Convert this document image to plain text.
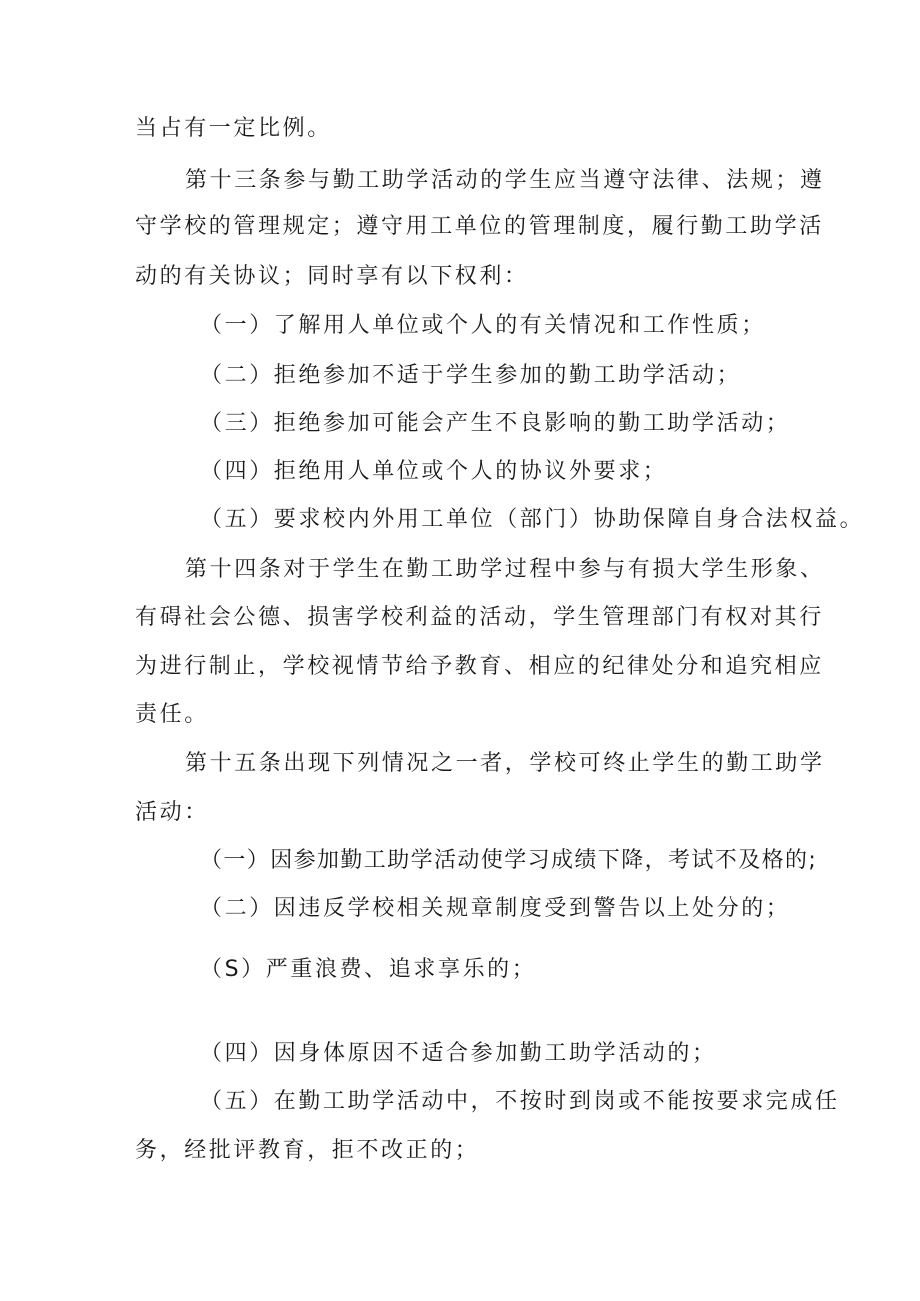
当占有一定比例。
第十三条参与勤工助学活动的学生应当遵守法律、法规；遵
守学校的管理规定；遵守用工单位的管理制度，履行勤工助学活
动的有关协议；同时享有以下权利：
（一）了解用人单位或个人的有关情况和工作性质；
（二）拒绝参加不适于学生参加的勤工助学活动；
（三）拒绝参加可能会产生不良影响的勤工助学活动；
（四）拒绝用人单位或个人的协议外要求；
（五）要求校内外用工单位（部门）协助保障自身合法权益。
第十四条对于学生在勤工助学过程中参与有损大学生形象、
有碍社会公德、损害学校利益的活动，学生管理部门有权对其行
为进行制止，学校视情节给予教育、相应的纪律处分和追究相应
责任。
第十五条出现下列情况之一者，学校可终止学生的勤工助学
活动：
（一）因参加勤工助学活动使学习成绩下降，考试不及格的;
（二）因违反学校相关规章制度受到警告以上处分的；
（S）严重浪费、追求享乐的；
（四）因身体原因不适合参加勤工助学活动的；
（五）在勤工助学活动中，不按时到岗或不能按要求完成任
务，经批评教育，拒不改正的；
